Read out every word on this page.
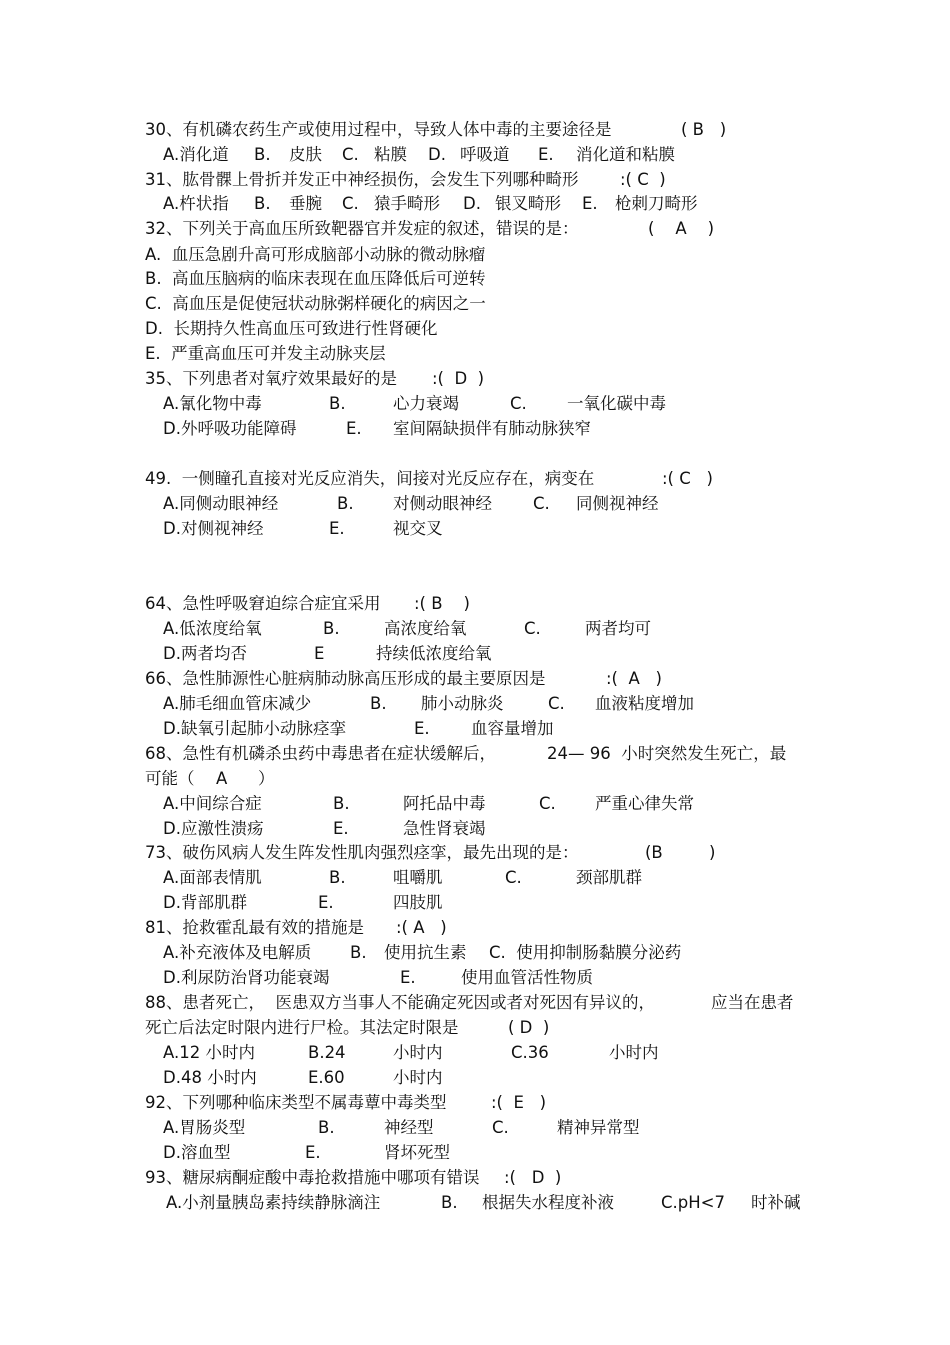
30、有机磷农药生产或使用过程中，导致人体中毒的主要途径是	( B   )
A.消化道 B. 皮肤 C. 粘膜 D. 呼吸道 E. 消化道和粘膜
31、肱骨髁上骨折并发正中神经损伤，会发生下列哪种畸形	:( C  )
A.杵状指 B. 垂腕 C. 猿手畸形 D. 银叉畸形 E. 枪刺刀畸形
32、下列关于高血压所致靶器官并发症的叙述，错误的是：	(    A    )
A.  血压急剧升高可形成脑部小动脉的微动脉瘤
B.  高血压脑病的临床表现在血压降低后可逆转
C.  高血压是促使冠状动脉粥样硬化的病因之一
D.  长期持久性高血压可致进行性肾硬化
E.  严重高血压可并发主动脉夹层
35、下列患者对氧疗效果最好的是 :(  D  )
A.氰化物中毒	B.	心力衰竭	C. 一氧化碳中毒
D.外呼吸功能障碍	E. 室间隔缺损伴有肺动脉狭窄
49.  一侧瞳孔直接对光反应消失，间接对光反应存在，病变在	:( C   )
A.同侧动眼神经	B. 对侧动眼神经 C. 同侧视神经
D.对侧视神经	E.	视交叉
64、急性呼吸窘迫综合症宜采用 :( B    )
A.低浓度给氧	B.	高浓度给氧	C.	两者均可
D.两者均否	E	持续低浓度给氧
66、急性肺源性心脏病肺动脉高压形成的最主要原因是	:(  A   )
A.肺毛细血管床减少	B. 肺小动脉炎	C. 血液粘度增加
D.缺氧引起肺小动脉痉挛	E.	血容量增加
68、急性有机磷杀虫药中毒患者在症状缓解后，	24— 96  小时突然发生死亡，最
可能（ A ）
A.中间综合症	B.	阿托品中毒	C. 严重心律失常
D.应激性溃疡	E.	急性肾衰竭
73、破伤风病人发生阵发性肌肉强烈痉挛，最先出现的是：	(B	)
A.面部表情肌	B.	咀嚼肌	C.	颈部肌群
D.背部肌群	E.	四肢肌
81、抢救霍乱最有效的措施是 :( A   )
A.补充液体及电解质 B. 使用抗生素 C.  使用抑制肠黏膜分泌药
D.利尿防治肾功能衰竭	E.	使用血管活性物质
88、患者死亡，  医患双方当事人不能确定死因或者对死因有异议的，	应当在患者
死亡后法定时限内进行尸检。其法定时限是	( D  )
A.12 小时内	B.24	小时内	C.36	小时内
D.48 小时内	E.60	小时内
92、下列哪种临床类型不属毒蕈中毒类型	:(  E   )
A.胃肠炎型	B.	神经型	C.	精神异常型
D.溶血型	E.	肾坏死型
93、糖尿病酮症酸中毒抢救措施中哪项有错误 :(   D  )
A.小剂量胰岛素持续静脉滴注	B. 根据失水程度补液	C.pH<7 时补碱
